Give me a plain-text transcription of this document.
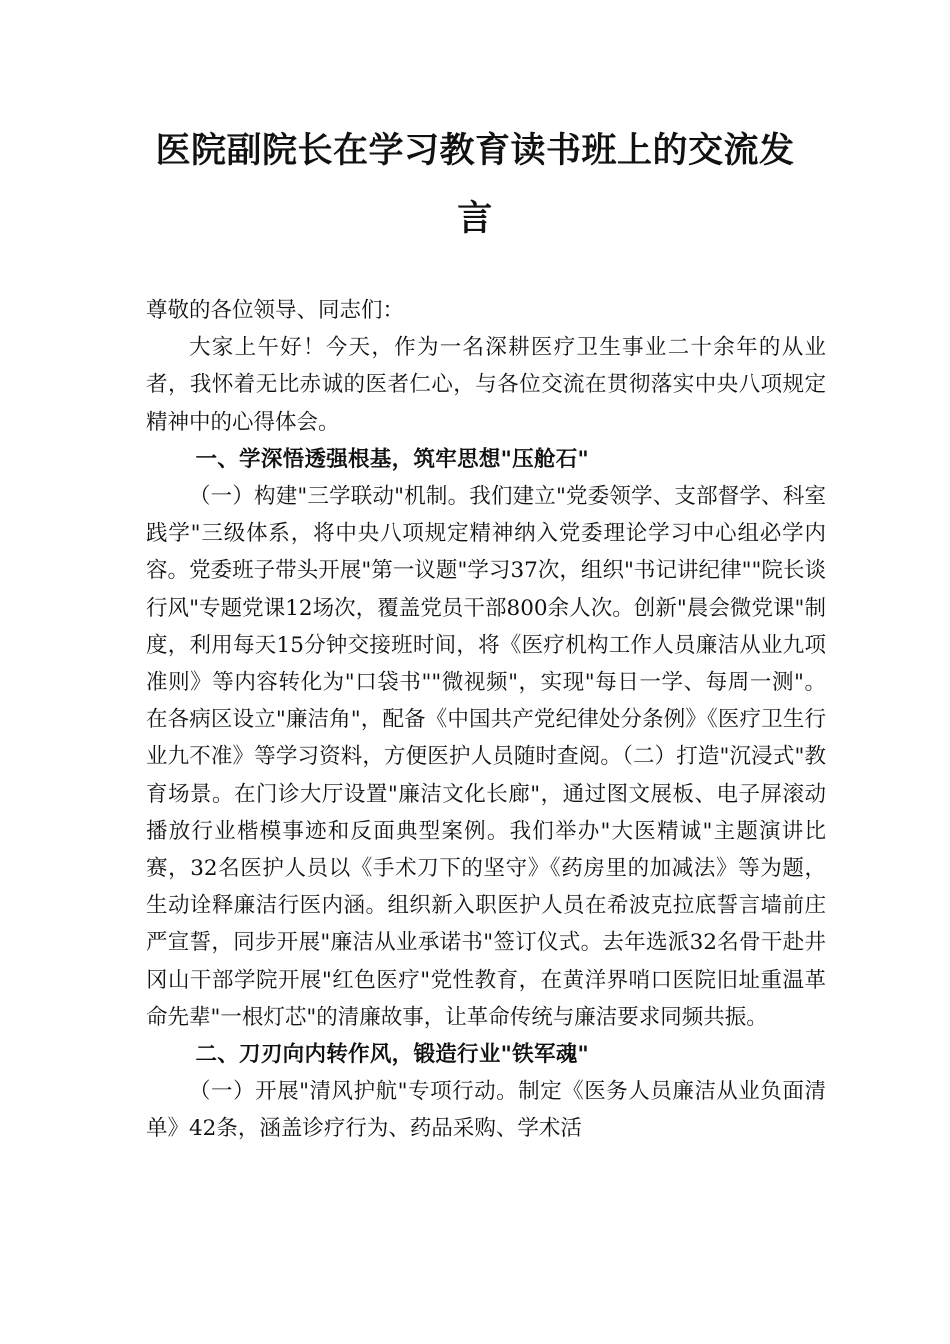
医院副院长在学习教育读书班上的交流发
言

尊敬的各位领导、同志们：

大家上午好！今天，作为一名深耕医疗卫生事业二十余年的从业者，我怀着无比赤诚的医者仁心，与各位交流在贯彻落实中央八项规定精神中的心得体会。

一、学深悟透强根基，筑牢思想"压舱石"

（一）构建"三学联动"机制。我们建立"党委领学、支部督学、科室践学"三级体系，将中央八项规定精神纳入党委理论学习中心组必学内容。党委班子带头开展"第一议题"学习37次，组织"书记讲纪律""院长谈行风"专题党课12场次，覆盖党员干部800余人次。创新"晨会微党课"制度，利用每天15分钟交接班时间，将《医疗机构工作人员廉洁从业九项准则》等内容转化为"口袋书""微视频"，实现"每日一学、每周一测"。在各病区设立"廉洁角"，配备《中国共产党纪律处分条例》《医疗卫生行业九不准》等学习资料，方便医护人员随时查阅。（二）打造"沉浸式"教育场景。在门诊大厅设置"廉洁文化长廊"，通过图文展板、电子屏滚动播放行业楷模事迹和反面典型案例。我们举办"大医精诚"主题演讲比赛，32名医护人员以《手术刀下的坚守》《药房里的加减法》等为题，生动诠释廉洁行医内涵。组织新入职医护人员在希波克拉底誓言墙前庄严宣誓，同步开展"廉洁从业承诺书"签订仪式。去年选派32名骨干赴井冈山干部学院开展"红色医疗"党性教育，在黄洋界哨口医院旧址重温革命先辈"一根灯芯"的清廉故事，让革命传统与廉洁要求同频共振。

二、刀刃向内转作风，锻造行业"铁军魂"

（一）开展"清风护航"专项行动。制定《医务人员廉洁从业负面清单》42条，涵盖诊疗行为、药品采购、学术活
